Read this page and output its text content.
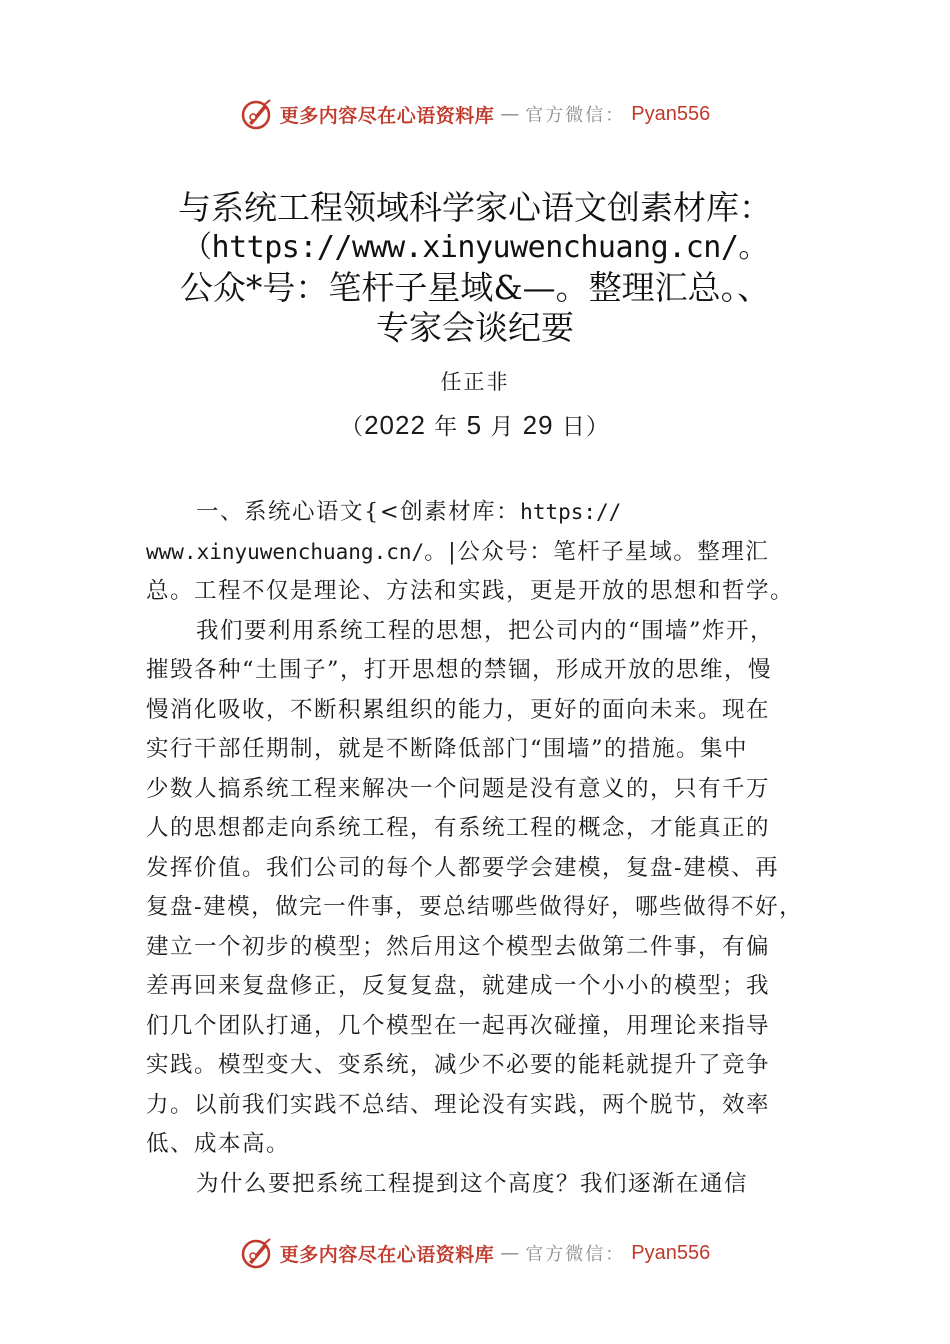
更多内容尽在心语资料库 — 官方微信： Pyan556
与系统工程领域科学家心语文创素材库：
（https://www.xinyuwenchuang.cn/。
公众*号：笔杆子星域&—。整理汇总。、
专家会谈纪要
任正非
（2022 年 5 月 29 日）
一、系统心语文{<创素材库：https://
www.xinyuwenchuang.cn/。|公众号：笔杆子星域。整理汇
总。工程不仅是理论、方法和实践，更是开放的思想和哲学。
我们要利用系统工程的思想，把公司内的“围墙”炸开，
摧毁各种“土围子”，打开思想的禁锢，形成开放的思维，慢
慢消化吸收，不断积累组织的能力，更好的面向未来。现在
实行干部任期制，就是不断降低部门“围墙”的措施。集中
少数人搞系统工程来解决一个问题是没有意义的，只有千万
人的思想都走向系统工程，有系统工程的概念，才能真正的
发挥价值。我们公司的每个人都要学会建模，复盘-建模、再
复盘-建模，做完一件事，要总结哪些做得好，哪些做得不好，
建立一个初步的模型；然后用这个模型去做第二件事，有偏
差再回来复盘修正，反复复盘，就建成一个小小的模型；我
们几个团队打通，几个模型在一起再次碰撞，用理论来指导
实践。模型变大、变系统，减少不必要的能耗就提升了竞争
力。以前我们实践不总结、理论没有实践，两个脱节，效率
低、成本高。
为什么要把系统工程提到这个高度？我们逐渐在通信
更多内容尽在心语资料库 — 官方微信： Pyan556
